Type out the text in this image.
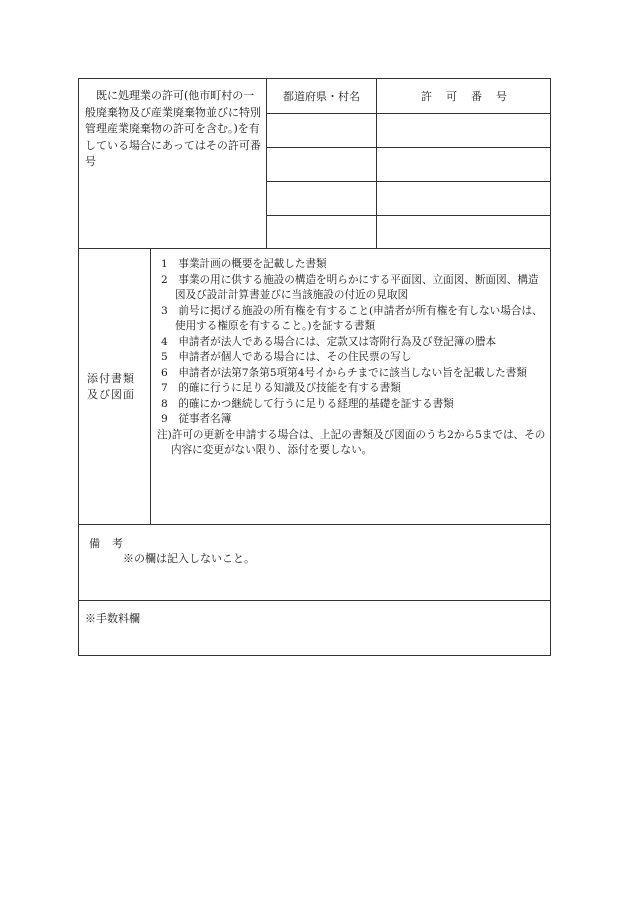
既に処理業の許可(他市町村の一般廃棄物及び産業廃棄物並びに特別管理産業廃棄物の許可を含む。)を有している場合にあってはその許可番号
都道府県・村名	許可番号
添付書類
及び図面
1　事業計画の概要を記載した書類
2　事業の用に供する施設の構造を明らかにする平面図、立面図、断面図、構造図及び設計計算書並びに当該施設の付近の見取図
3　前号に掲げる施設の所有権を有すること(申請者が所有権を有しない場合は、使用する権原を有すること。)を証する書類
4　申請者が法人である場合には、定款又は寄附行為及び登記簿の謄本
5　申請者が個人である場合には、その住民票の写し
6　申請者が法第7条第5項第4号イからチまでに該当しない旨を記載した書類
7　的確に行うに足りる知識及び技能を有する書類
8　的確にかつ継続して行うに足りる経理的基礎を証する書類
9　従事者名簿
注)許可の更新を申請する場合は、上記の書類及び図面のうち2から5までは、その内容に変更がない限り、添付を要しない。
備考
※の欄は記入しないこと。
※手数料欄
